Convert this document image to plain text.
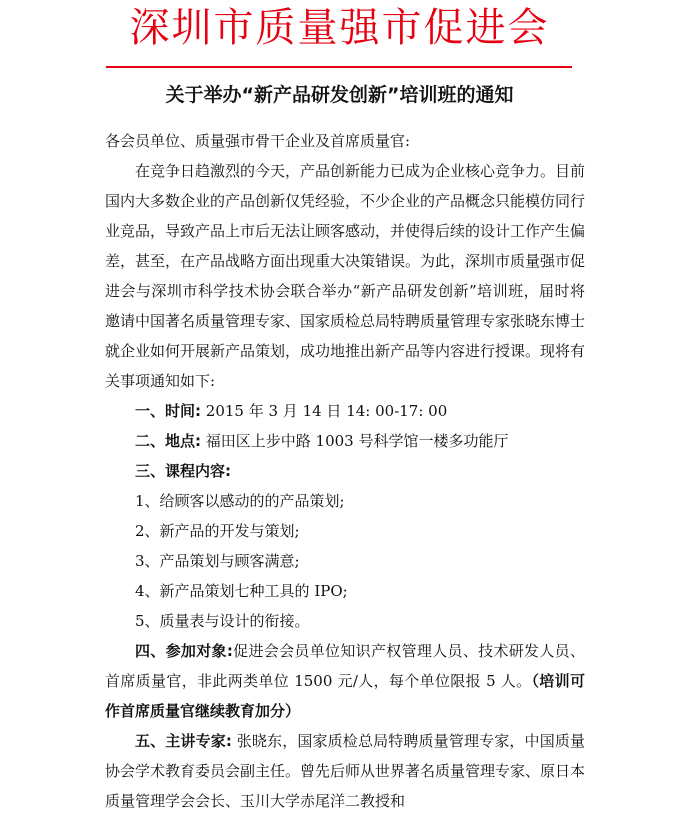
深圳市质量强市促进会
关于举办“新产品研发创新”培训班的通知

各会员单位、质量强市骨干企业及首席质量官:

在竞争日趋激烈的今天，产品创新能力已成为企业核心竞争力。目前国内大多数企业的产品创新仅凭经验，不少企业的产品概念只能模仿同行业竞品，导致产品上市后无法让顾客感动，并使得后续的设计工作产生偏差，甚至，在产品战略方面出现重大决策错误。为此，深圳市质量强市促进会与深圳市科学技术协会联合举办“新产品研发创新”培训班，届时将邀请中国著名质量管理专家、国家质检总局特聘质量管理专家张晓东博士就企业如何开展新产品策划，成功地推出新产品等内容进行授课。现将有关事项通知如下:

一、时间: 2015 年 3 月 14 日 14: 00-17: 00

二、地点: 福田区上步中路 1003 号科学馆一楼多功能厅

三、课程内容:

1、给顾客以感动的的产品策划;

2、新产品的开发与策划;

3、产品策划与顾客满意;

4、新产品策划七种工具的 IPO;

5、质量表与设计的衔接。

四、参加对象:促进会会员单位知识产权管理人员、技术研发人员、首席质量官，非此两类单位 1500 元/人，每个单位限报 5 人。（培训可作首席质量官继续教育加分）

五、主讲专家: 张晓东，国家质检总局特聘质量管理专家，中国质量协会学术教育委员会副主任。曾先后师从世界著名质量管理专家、原日本质量管理学会会长、玉川大学赤尾洋二教授和
